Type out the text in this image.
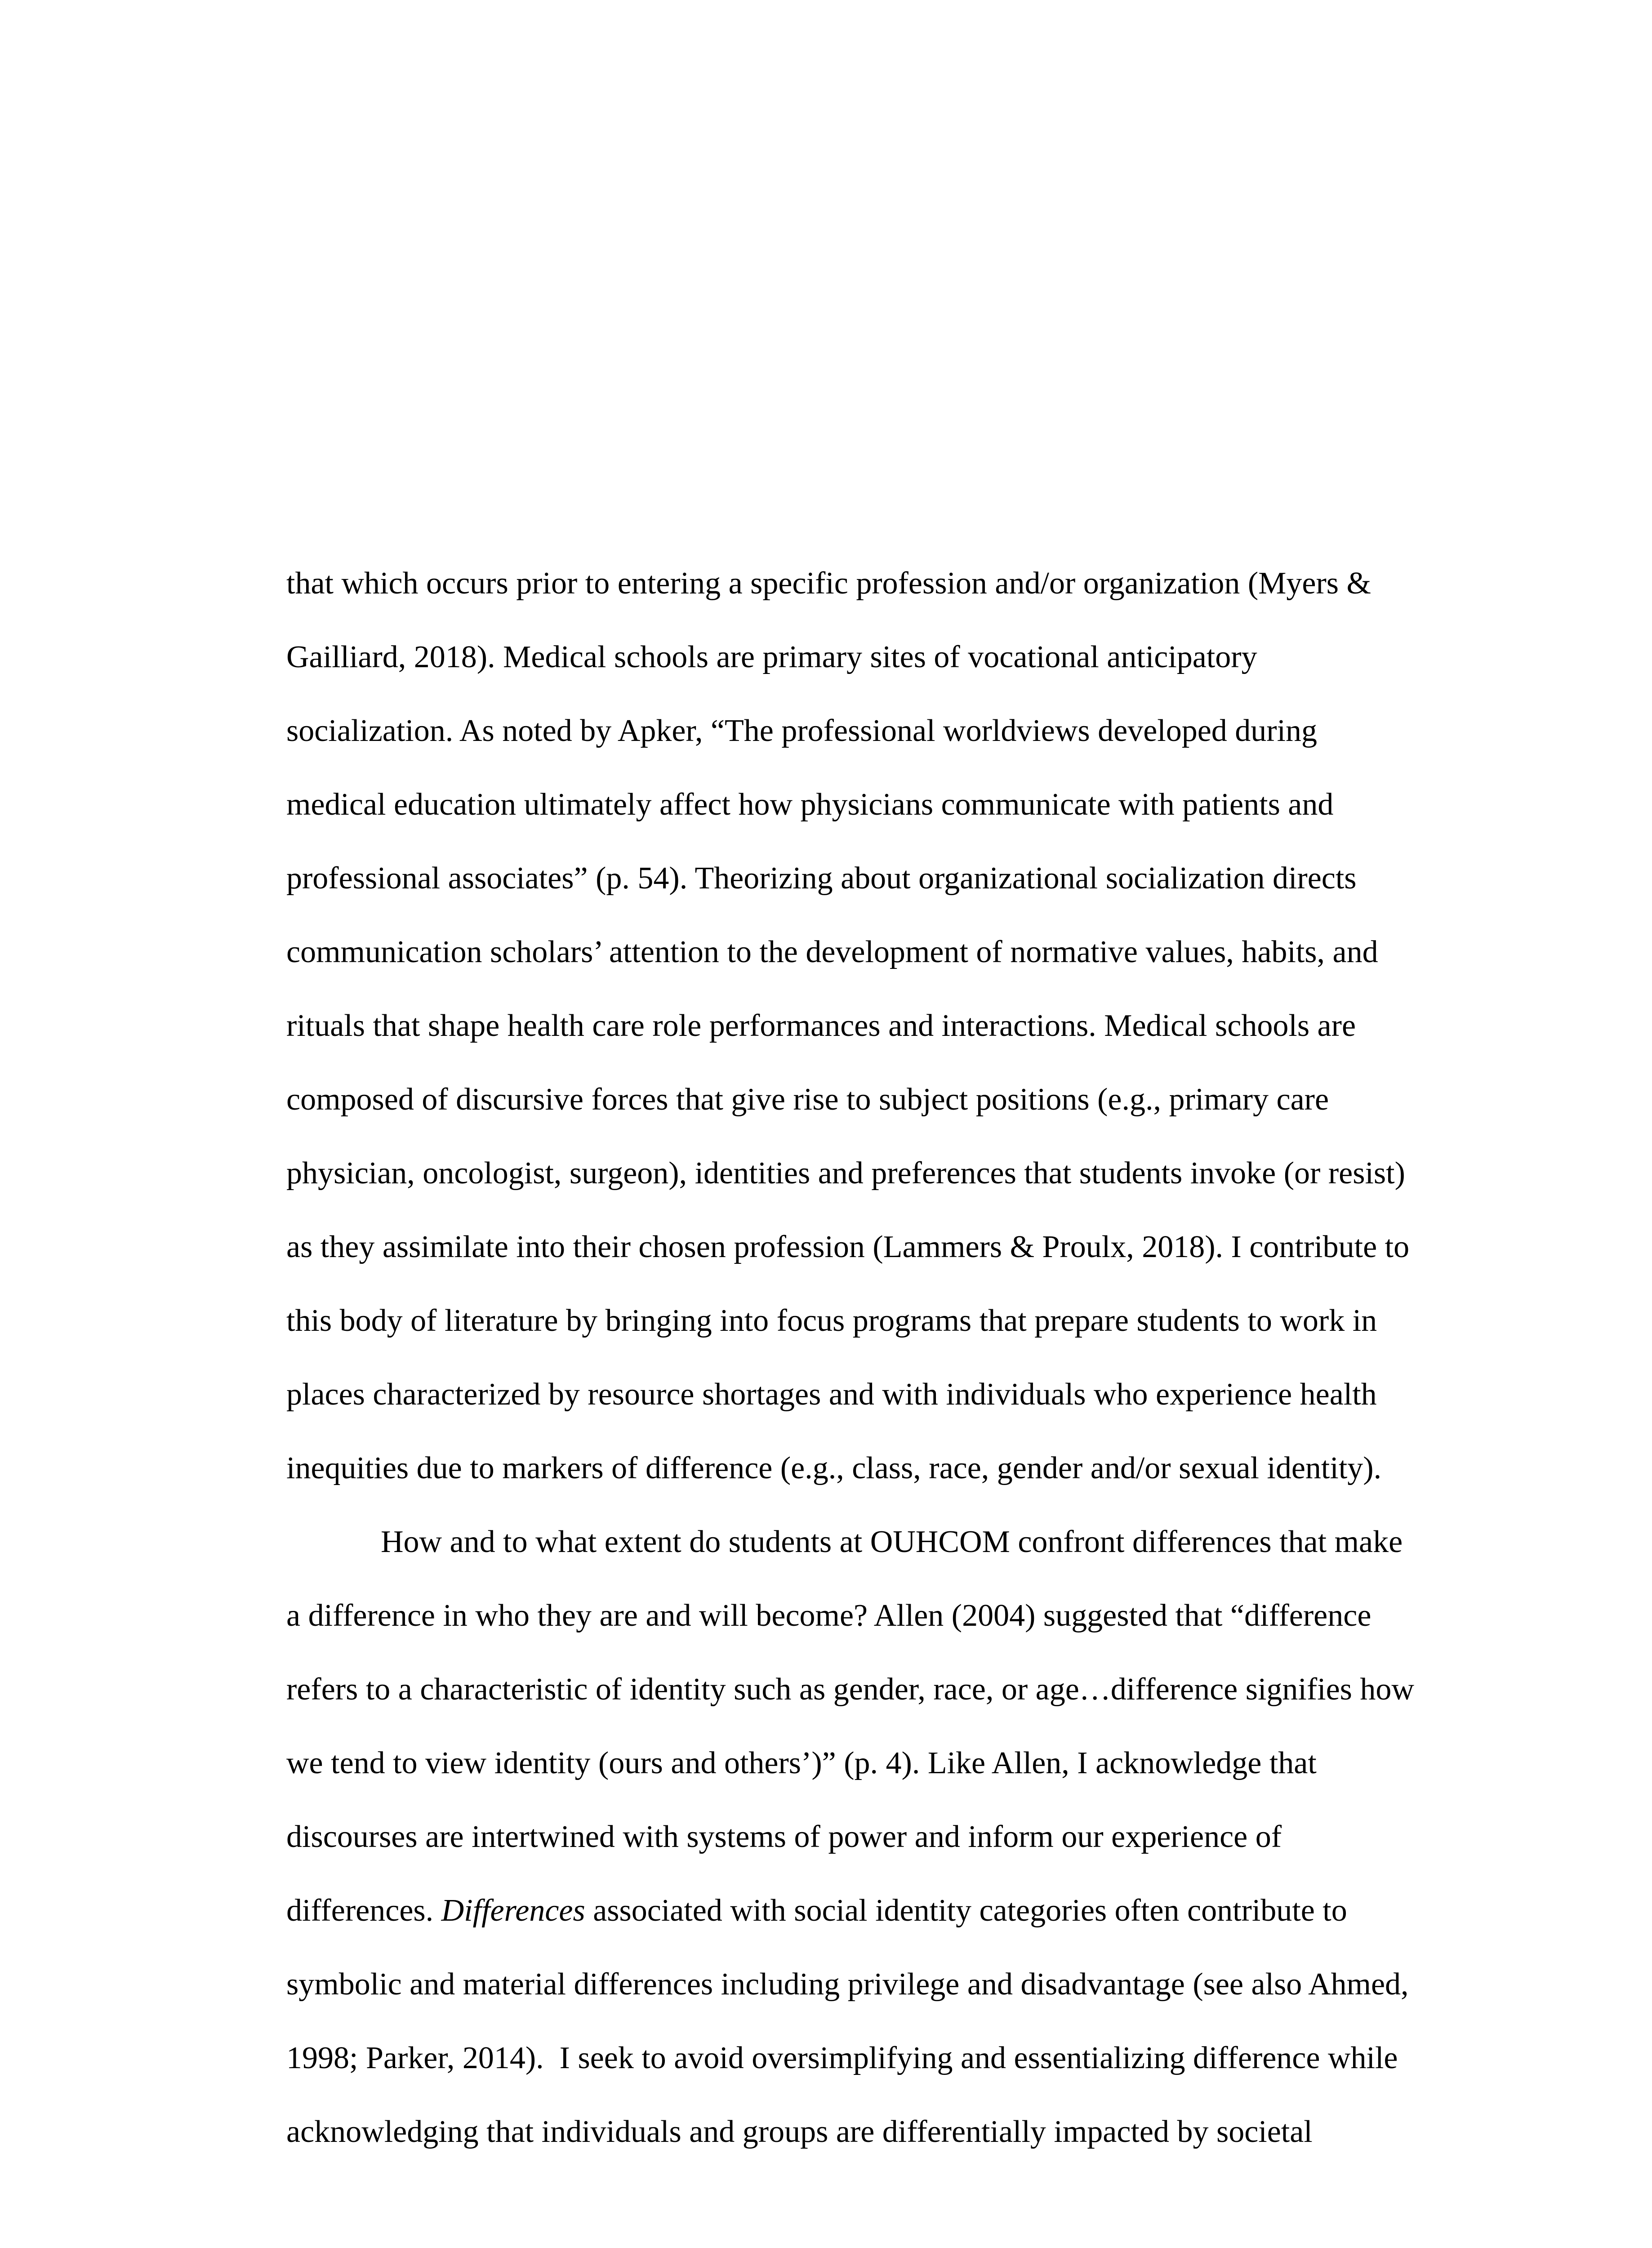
that which occurs prior to entering a specific profession and/or organization (Myers &
Gailliard, 2018). Medical schools are primary sites of vocational anticipatory
socialization. As noted by Apker, “The professional worldviews developed during
medical education ultimately affect how physicians communicate with patients and
professional associates” (p. 54). Theorizing about organizational socialization directs
communication scholars’ attention to the development of normative values, habits, and
rituals that shape health care role performances and interactions. Medical schools are
composed of discursive forces that give rise to subject positions (e.g., primary care
physician, oncologist, surgeon), identities and preferences that students invoke (or resist)
as they assimilate into their chosen profession (Lammers & Proulx, 2018). I contribute to
this body of literature by bringing into focus programs that prepare students to work in
places characterized by resource shortages and with individuals who experience health
inequities due to markers of difference (e.g., class, race, gender and/or sexual identity).
How and to what extent do students at OUHCOM confront differences that make
a difference in who they are and will become? Allen (2004) suggested that “difference
refers to a characteristic of identity such as gender, race, or age…difference signifies how
we tend to view identity (ours and others’)” (p. 4). Like Allen, I acknowledge that
discourses are intertwined with systems of power and inform our experience of
differences. Differences associated with social identity categories often contribute to
symbolic and material differences including privilege and disadvantage (see also Ahmed,
1998; Parker, 2014).  I seek to avoid oversimplifying and essentializing difference while
acknowledging that individuals and groups are differentially impacted by societal
